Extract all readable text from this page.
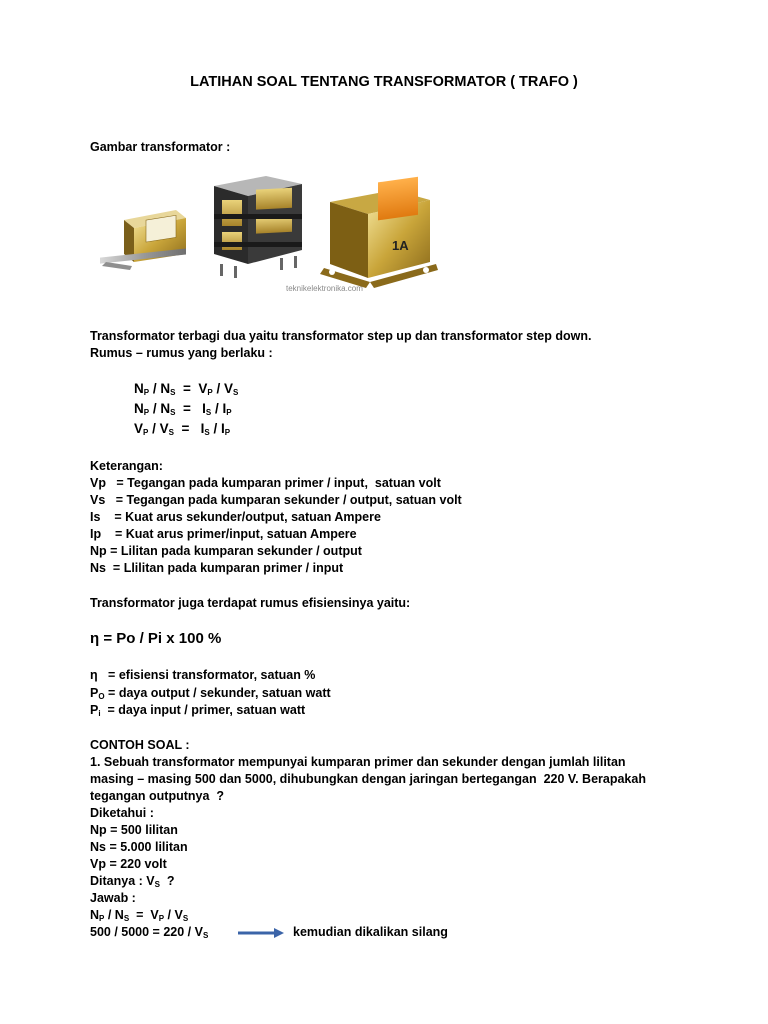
LATIHAN SOAL TENTANG TRANSFORMATOR ( TRAFO )
Gambar transformator :
1A
teknikelektronika.com
Transformator terbagi dua yaitu transformator step up dan transformator step down.
Rumus – rumus yang berlaku :
$N_P / N_S = V_P / V_S$
$N_P / N_S = I_S / I_P$
$V_P / V_S = I_S / I_P$
Keterangan:
Vp   = Tegangan pada kumparan primer / input,  satuan volt
Vs   = Tegangan pada kumparan sekunder / output, satuan volt
Is    = Kuat arus sekunder/output, satuan Ampere
Ip    = Kuat arus primer/input, satuan Ampere
Np = Lilitan pada kumparan sekunder / output
Ns  = Llilitan pada kumparan primer / input
Transformator juga terdapat rumus efisiensinya yaitu:
η = Po / Pi x 100 %
η   = efisiensi transformator, satuan %
$P_O$ = daya output / sekunder, satuan watt
$P_i$  = daya input / primer, satuan watt
CONTOH SOAL :
1. Sebuah transformator mempunyai kumparan primer dan sekunder dengan jumlah lilitan
masing – masing 500 dan 5000, dihubungkan dengan jaringan bertegangan  220 V. Berapakah
tegangan outputnya  ?
Diketahui :
Np = 500 lilitan
Ns = 5.000 lilitan
Vp = 220 volt
Ditanya : $V_S$  ?
Jawab :
$N_P / N_S = V_P / V_S$
$500 / 5000 = 220 / V_S$	kemudian dikalikan silang
